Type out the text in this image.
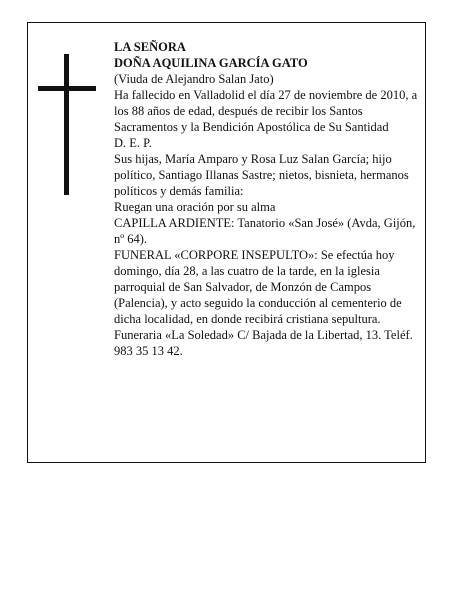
LA SEÑORA

DOÑA AQUILINA GARCÍA GATO

(Viuda de Alejandro Salan Jato)

Ha fallecido en Valladolid el día 27 de noviembre de 2010, a los 88 años de edad, después de recibir los Santos Sacramentos y la Bendición Apostólica de Su Santidad

D. E. P.

Sus hijas, María Amparo y Rosa Luz Salan García; hijo político, Santiago Illanas Sastre; nietos, bisnieta, hermanos políticos y demás familia:

Ruegan una oración por su alma

CAPILLA ARDIENTE: Tanatorio «San José» (Avda, Gijón, nº 64).

FUNERAL «CORPORE INSEPULTO»: Se efectúa hoy domingo, día 28, a las cuatro de la tarde, en la iglesia parroquial de San Salvador, de Monzón de Campos (Palencia), y acto seguido la conducción al cementerio de dicha localidad, en donde recibirá cristiana sepultura.

Funeraria «La Soledad» C/ Bajada de la Libertad, 13. Teléf. 983 35 13 42.
